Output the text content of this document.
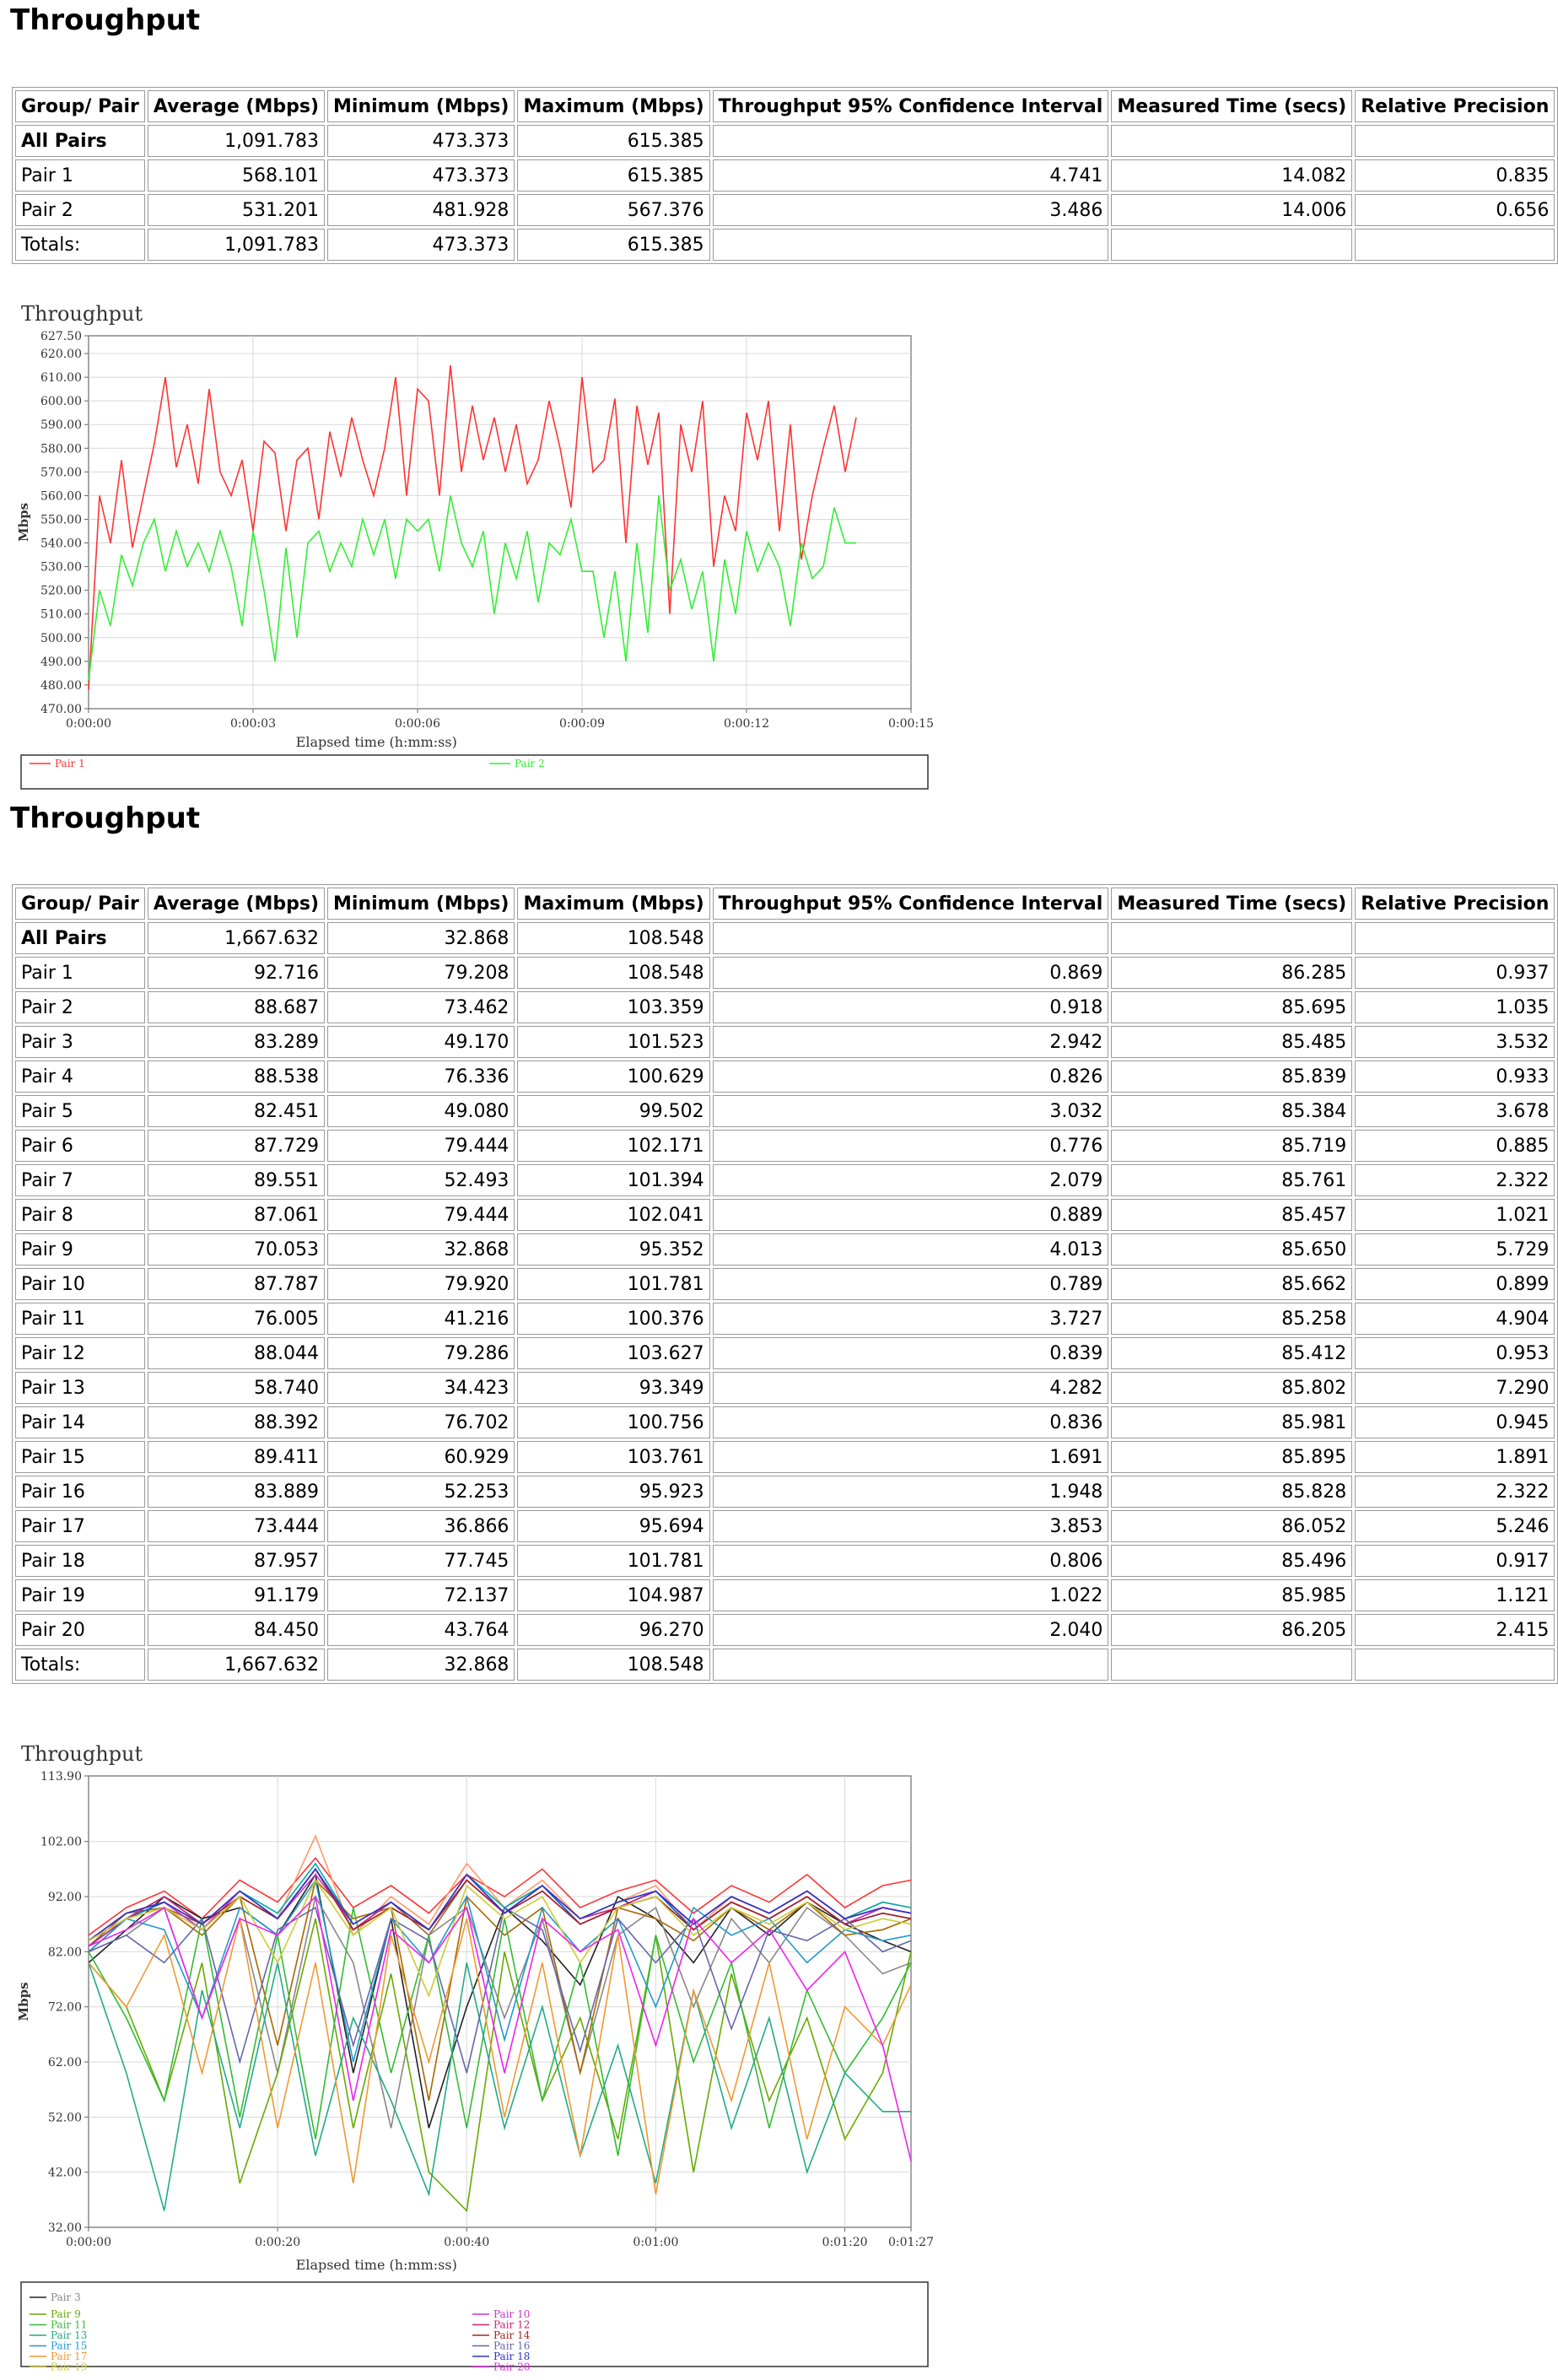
Throughput
Group/ Pair	Average (Mbps)	Minimum (Mbps)	Maximum (Mbps)	Throughput 95% Confidence Interval	Measured Time (secs)	Relative Precision
All Pairs	1,091.783	473.373	615.385			
Pair 1	568.101	473.373	615.385	4.741	14.082	0.835
Pair 2	531.201	481.928	567.376	3.486	14.006	0.656
Totals:	1,091.783	473.373	615.385			
Throughput
470.00
480.00
490.00
500.00
510.00
520.00
530.00
540.00
550.00
560.00
570.00
580.00
590.00
600.00
610.00
620.00
627.50
0:00:00	0:00:03	0:00:06	0:00:09	0:00:12	0:00:15
Mbps
Elapsed time (h:mm:ss)
Pair 1	Pair 2
Throughput
Group/ Pair	Average (Mbps)	Minimum (Mbps)	Maximum (Mbps)	Throughput 95% Confidence Interval	Measured Time (secs)	Relative Precision
All Pairs	1,667.632	32.868	108.548			
Pair 1	92.716	79.208	108.548	0.869	86.285	0.937
Pair 2	88.687	73.462	103.359	0.918	85.695	1.035
Pair 3	83.289	49.170	101.523	2.942	85.485	3.532
Pair 4	88.538	76.336	100.629	0.826	85.839	0.933
Pair 5	82.451	49.080	99.502	3.032	85.384	3.678
Pair 6	87.729	79.444	102.171	0.776	85.719	0.885
Pair 7	89.551	52.493	101.394	2.079	85.761	2.322
Pair 8	87.061	79.444	102.041	0.889	85.457	1.021
Pair 9	70.053	32.868	95.352	4.013	85.650	5.729
Pair 10	87.787	79.920	101.781	0.789	85.662	0.899
Pair 11	76.005	41.216	100.376	3.727	85.258	4.904
Pair 12	88.044	79.286	103.627	0.839	85.412	0.953
Pair 13	58.740	34.423	93.349	4.282	85.802	7.290
Pair 14	88.392	76.702	100.756	0.836	85.981	0.945
Pair 15	89.411	60.929	103.761	1.691	85.895	1.891
Pair 16	83.889	52.253	95.923	1.948	85.828	2.322
Pair 17	73.444	36.866	95.694	3.853	86.052	5.246
Pair 18	87.957	77.745	101.781	0.806	85.496	0.917
Pair 19	91.179	72.137	104.987	1.022	85.985	1.121
Pair 20	84.450	43.764	96.270	2.040	86.205	2.415
Totals:	1,667.632	32.868	108.548			
Throughput
32.00
42.00
52.00
62.00
72.00
82.00
92.00
102.00
113.90
0:00:00	0:00:20	0:00:40	0:01:00	0:01:20 0:01:27
Mbps
Elapsed time (h:mm:ss)
Pair 3
Pair 9
Pair 11
Pair 13
Pair 15
Pair 17
Pair 19
Pair 10
Pair 12
Pair 14
Pair 16
Pair 18
Pair 20
